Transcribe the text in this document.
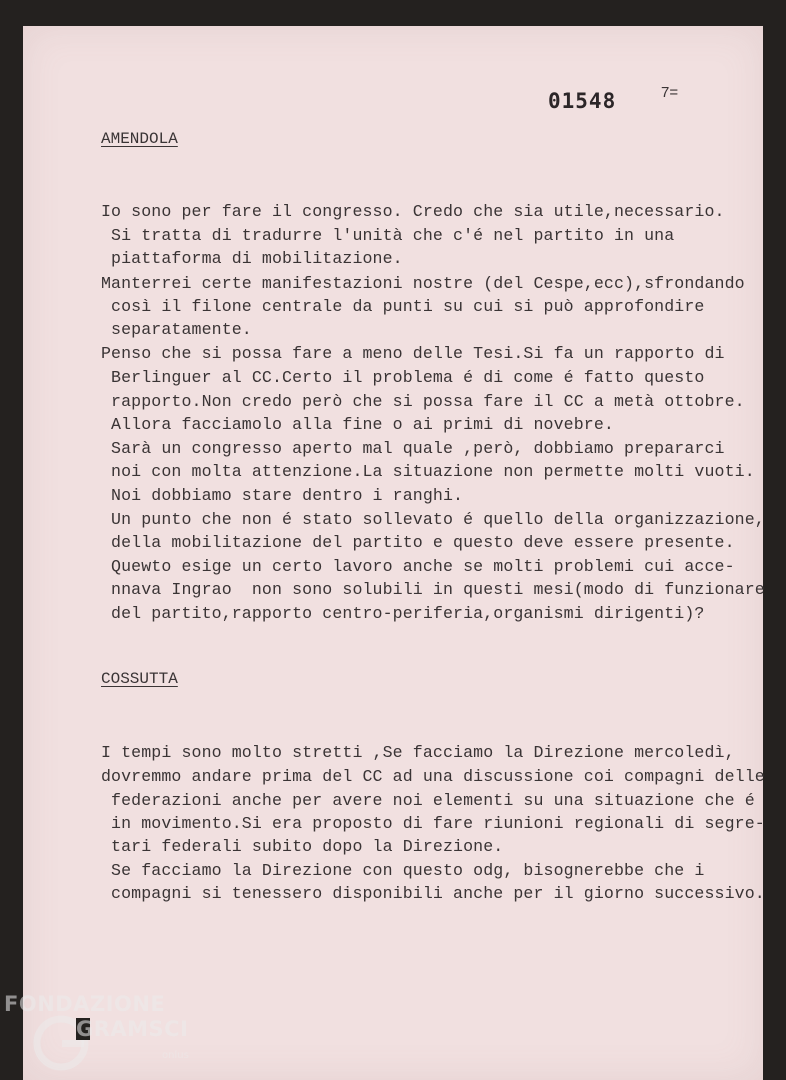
01548	7=
AMENDOLA
Io sono per fare il congresso. Credo che sia utile,necessario.
Si tratta di tradurre l'unità che c'é nel partito in una
piattaforma di mobilitazione.
Manterrei certe manifestazioni nostre (del Cespe,ecc),sfrondando
così il filone centrale da punti su cui si può approfondire
separatamente.
Penso che si possa fare a meno delle Tesi.Si fa un rapporto di
Berlinguer al CC.Certo il problema é di come é fatto questo
rapporto.Non credo però che si possa fare il CC a metà ottobre.
Allora facciamolo alla fine o ai primi di novebre.
Sarà un congresso aperto mal quale ,però, dobbiamo prepararci
noi con molta attenzione.La situazione non permette molti vuoti.
Noi dobbiamo stare dentro i ranghi.
Un punto che non é stato sollevato é quello della organizzazione,
della mobilitazione del partito e questo deve essere presente.
Quewto esige un certo lavoro anche se molti problemi cui acce-
nnava Ingrao  non sono solubili in questi mesi(modo di funzionare
del partito,rapporto centro-periferia,organismi dirigenti)?
COSSUTTA
I tempi sono molto stretti ,Se facciamo la Direzione mercoledì,
dovremmo andare prima del CC ad una discussione coi compagni delle
federazioni anche per avere noi elementi su una situazione che é
in movimento.Si era proposto di fare riunioni regionali di segre-
tari federali subito dopo la Direzione.
Se facciamo la Direzione con questo odg, bisognerebbe che i
compagni si tenessero disponibili anche per il giorno successivo.
FONDAZIONE
GRAMSCI
onlus
